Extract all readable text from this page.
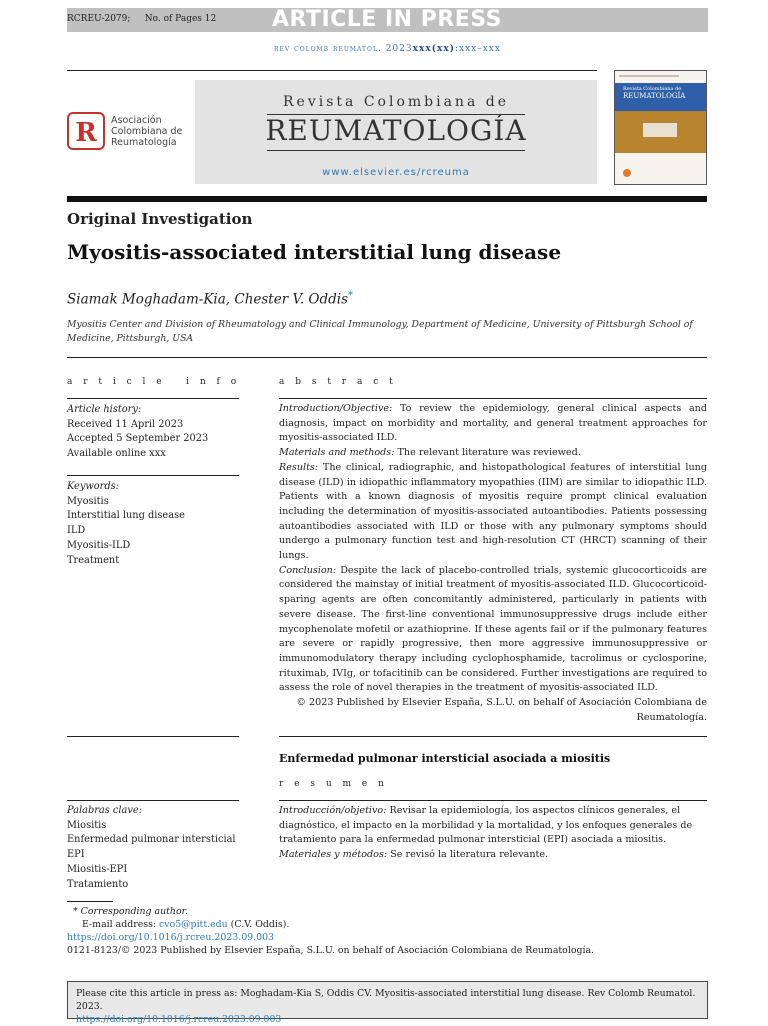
RCREU-2079;     No. of Pages 12	ARTICLE IN PRESS
rev colomb reumatol. 2023xxx(xx):xxx–xxx
R	Asociación
Colombiana de
Reumatología
Revista Colombiana de
REUMATOLOGÍA
www.elsevier.es/rcreuma
Revista Colombiana de
REUMATOLOGÍA
Original Investigation
Myositis-associated interstitial lung disease
Siamak Moghadam-Kia, Chester V. Oddis*
Myositis Center and Division of Rheumatology and Clinical Immunology, Department of Medicine, University of Pittsburgh School of Medicine, Pittsburgh, USA
a r t i c l e   i n f o
Article history:
Received 11 April 2023
Accepted 5 September 2023
Available online xxx
Keywords:
Myositis
Interstitial lung disease
ILD
Myositis-ILD
Treatment
a b s t r a c t

Introduction/Objective: To review the epidemiology, general clinical aspects and diagnosis, impact on morbidity and mortality, and general treatment approaches for myositis-associated ILD.

Materials and methods: The relevant literature was reviewed.

Results: The clinical, radiographic, and histopathological features of interstitial lung disease (ILD) in idiopathic inflammatory myopathies (IIM) are similar to idiopathic ILD. Patients with a known diagnosis of myositis require prompt clinical evaluation including the determination of myositis-associated autoantibodies. Patients possessing autoantibodies associated with ILD or those with any pulmonary symptoms should undergo a pulmonary function test and high-resolution CT (HRCT) scanning of their lungs.

Conclusion: Despite the lack of placebo-controlled trials, systemic glucocorticoids are considered the mainstay of initial treatment of myositis-associated ILD. Glucocorticoid-sparing agents are often concomitantly administered, particularly in patients with severe disease. The first-line conventional immunosuppressive drugs include either mycophenolate mofetil or azathioprine. If these agents fail or if the pulmonary features are severe or rapidly progressive, then more aggressive immunosuppressive or immunomodulatory therapy including cyclophosphamide, tacrolimus or cyclosporine, rituximab, IVIg, or tofacitinib can be considered. Further investigations are required to assess the role of novel therapies in the treatment of myositis-associated ILD.

© 2023 Published by Elsevier España, S.L.U. on behalf of Asociación Colombiana de Reumatología.

Enfermedad pulmonar intersticial asociada a miositis
r e s u m e n
Palabras clave:
Miositis
Enfermedad pulmonar intersticial
EPI
Miositis-EPI
Tratamiento

Introducción/objetivo: Revisar la epidemiología, los aspectos clínicos generales, el diagnóstico, el impacto en la morbilidad y la mortalidad, y los enfoques generales de tratamiento para la enfermedad pulmonar intersticial (EPI) asociada a miositis.

Materiales y métodos: Se revisó la literatura relevante.

* Corresponding author.
E-mail address: cvo5@pitt.edu (C.V. Oddis).
https://doi.org/10.1016/j.rcreu.2023.09.003
0121-8123/© 2023 Published by Elsevier España, S.L.U. on behalf of Asociación Colombiana de Reumatología.
Please cite this article in press as: Moghadam-Kia S, Oddis CV. Myositis-associated interstitial lung disease. Rev Colomb Reumatol. 2023.
https://doi.org/10.1016/j.rcreu.2023.09.003
